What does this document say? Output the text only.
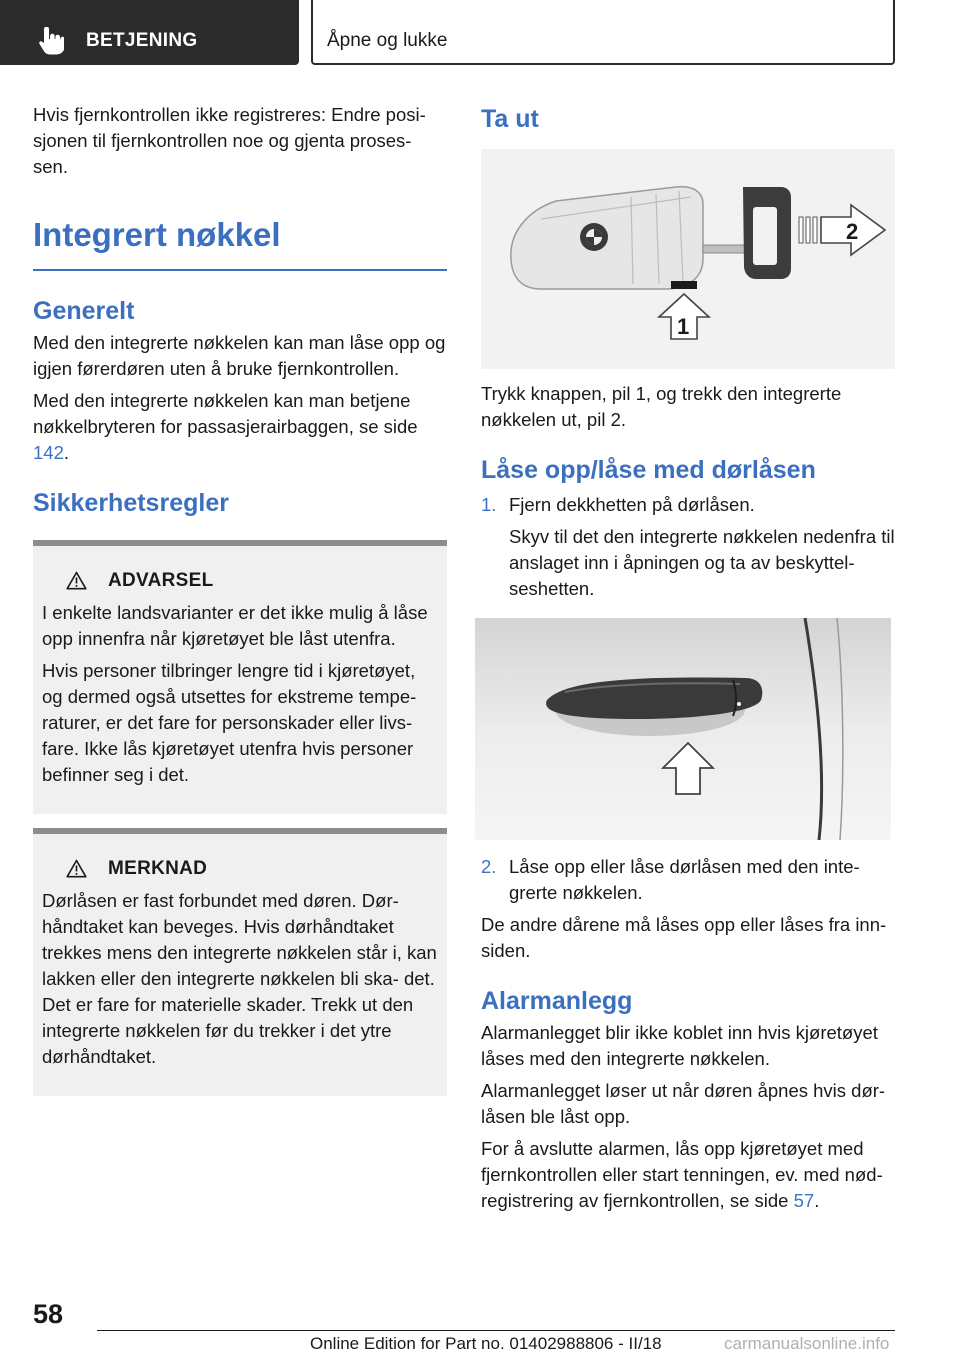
BETJENING	Åpne og lukke

Hvis fjernkontrollen ikke registreres: Endre posi- sjonen til fjernkontrollen noe og gjenta proses- sen.

Integrert nøkkel
Generelt

Med den integrerte nøkkelen kan man låse opp og igjen førerdøren uten å bruke fjernkontrollen.

Med den integrerte nøkkelen kan man betjene nøkkelbryteren for passasjerairbaggen, se side 142.

Sikkerhetsregler
ADVARSEL

I enkelte landsvarianter er det ikke mulig å låse opp innenfra når kjøretøyet ble låst utenfra.

Hvis personer tilbringer lengre tid i kjøretøyet, og dermed også utsettes for ekstreme tempe- raturer, er det fare for personskader eller livs- fare. Ikke lås kjøretøyet utenfra hvis personer befinner seg i det.

MERKNAD

Dørlåsen er fast forbundet med døren. Dør- håndtaket kan beveges. Hvis dørhåndtaket trekkes mens den integrerte nøkkelen står i, kan lakken eller den integrerte nøkkelen bli ska- det. Det er fare for materielle skader. Trekk ut den integrerte nøkkelen før du trekker i det ytre dørhåndtaket.

Ta ut
2
1

Trykk knappen, pil 1, og trekk den integrerte nøkkelen ut, pil 2.

Låse opp/låse med dørlåsen
1. Fjern dekkhetten på dørlåsen.

Skyv til det den integrerte nøkkelen nedenfra til anslaget inn i åpningen og ta av beskyttel- seshetten.

2. Låse opp eller låse dørlåsen med den inte- grerte nøkkelen.

De andre dårene må låses opp eller låses fra inn- siden.

Alarmanlegg

Alarmanlegget blir ikke koblet inn hvis kjøretøyet låses med den integrerte nøkkelen.

Alarmanlegget løser ut når døren åpnes hvis dør- låsen ble låst opp.

For å avslutte alarmen, lås opp kjøretøyet med fjernkontrollen eller start tenningen, ev. med nød- registrering av fjernkontrollen, se side 57.

58
Online Edition for Part no. 01402988806 - II/18	carmanualsonline.info
